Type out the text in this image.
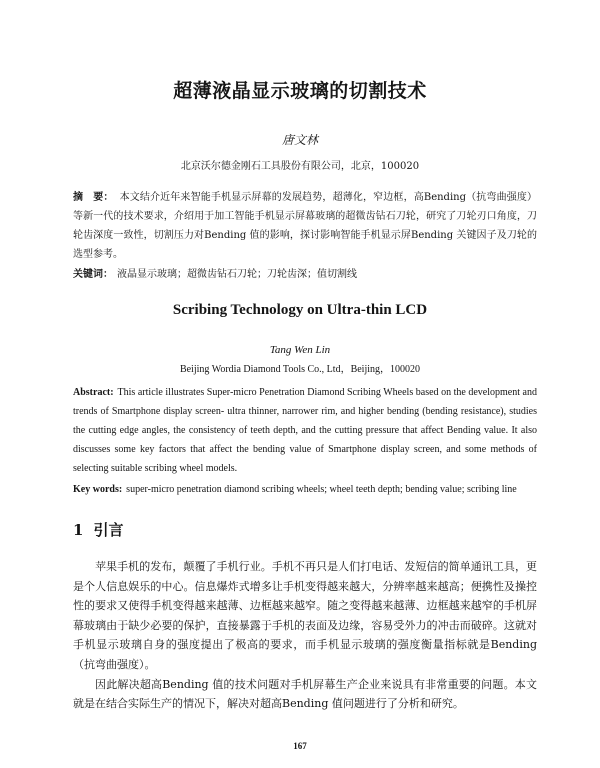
超薄液晶显示玻璃的切割技术
唐文林
北京沃尔德金刚石工具股份有限公司，北京，100020
摘　要： 本文结介近年来智能手机显示屏幕的发展趋势，超薄化，窄边框，高Bending（抗弯曲强度）等新一代的技术要求，介绍用于加工智能手机显示屏幕玻璃的超微齿钻石刀轮，研究了刀轮刃口角度，刀轮齿深度一致性，切割压力对Bending 值的影响，探讨影响智能手机显示屏Bending 关键因子及刀轮的选型参考。
关键词： 液晶显示玻璃；超微齿钻石刀轮；刀轮齿深；值切割线
Scribing Technology on Ultra-thin LCD
Tang Wen Lin
Beijing Wordia Diamond Tools Co., Ltd，Beijing，100020
Abstract: This article illustrates Super-micro Penetration Diamond Scribing Wheels based on the development and trends of Smartphone display screen- ultra thinner, narrower rim, and higher bending (bending resistance), studies the cutting edge angles, the consistency of teeth depth, and the cutting pressure that affect Bending value. It also discusses some key factors that affect the bending value of Smartphone display screen, and some methods of selecting suitable scribing wheel models.
Key words: super-micro penetration diamond scribing wheels; wheel teeth depth; bending value; scribing line
1 引言

苹果手机的发布，颠覆了手机行业。手机不再只是人们打电话、发短信的简单通讯工具，更是个人信息娱乐的中心。信息爆炸式增多让手机变得越来越大，分辨率越来越高；便携性及操控性的要求又使得手机变得越来越薄、边框越来越窄。随之变得越来越薄、边框越来越窄的手机屏幕玻璃由于缺少必要的保护，直接暴露于手机的表面及边缘，容易受外力的冲击而破碎。这就对手机显示玻璃自身的强度提出了极高的要求，而手机显示玻璃的强度衡量指标就是Bending（抗弯曲强度）。

因此解决超高Bending 值的技术问题对手机屏幕生产企业来说具有非常重要的问题。本文就是在结合实际生产的情况下，解决对超高Bending 值问题进行了分析和研究。

167
